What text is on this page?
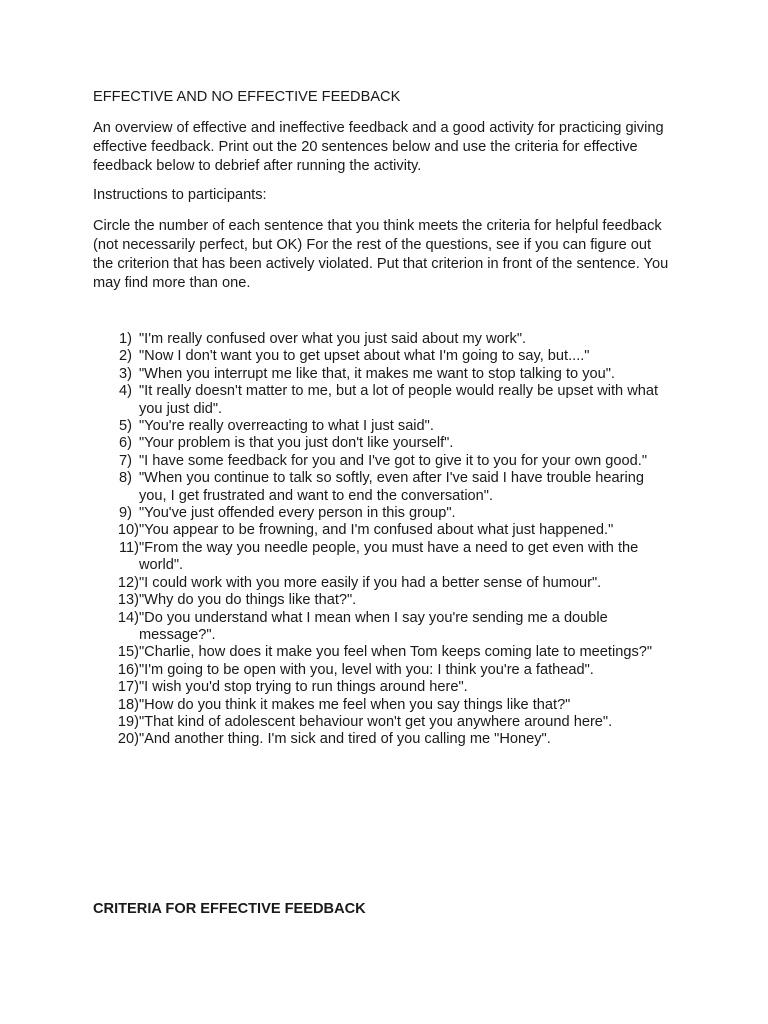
EFFECTIVE AND NO EFFECTIVE FEEDBACK

An overview of effective and ineffective feedback and a good activity for practicing giving effective feedback. Print out the 20 sentences below and use the criteria for effective feedback below to debrief after running the activity.

Instructions to participants:

Circle the number of each sentence that you think meets the criteria for helpful feedback (not necessarily perfect, but OK) For the rest of the questions, see if you can figure out the criterion that has been actively violated. Put that criterion in front of the sentence. You may find more than one.

1) "I'm really confused over what you just said about my work".
2) "Now I don't want you to get upset about what I'm going to say, but...."
3) "When you interrupt me like that, it makes me want to stop talking to you".
4) "It really doesn't matter to me, but a lot of people would really be upset with what you just did".
5) "You're really overreacting to what I just said".
6) "Your problem is that you just don't like yourself".
7) "I have some feedback for you and I've got to give it to you for your own good."
8) "When you continue to talk so softly, even after I've said I have trouble hearing you, I get frustrated and want to end the conversation".
9) "You've just offended every person in this group".
10) "You appear to be frowning, and I'm confused about what just happened."
11) "From the way you needle people, you must have a need to get even with the world".
12) "I could work with you more easily if you had a better sense of humour".
13) "Why do you do things like that?".
14) "Do you understand what I mean when I say you're sending me a double message?".
15) "Charlie, how does it make you feel when Tom keeps coming late to meetings?"
16) "I'm going to be open with you, level with you: I think you're a fathead".
17) "I wish you'd stop trying to run things around here".
18) "How do you think it makes me feel when you say things like that?"
19) "That kind of adolescent behaviour won't get you anywhere around here".
20) "And another thing. I'm sick and tired of you calling me "Honey".
CRITERIA FOR EFFECTIVE FEEDBACK
